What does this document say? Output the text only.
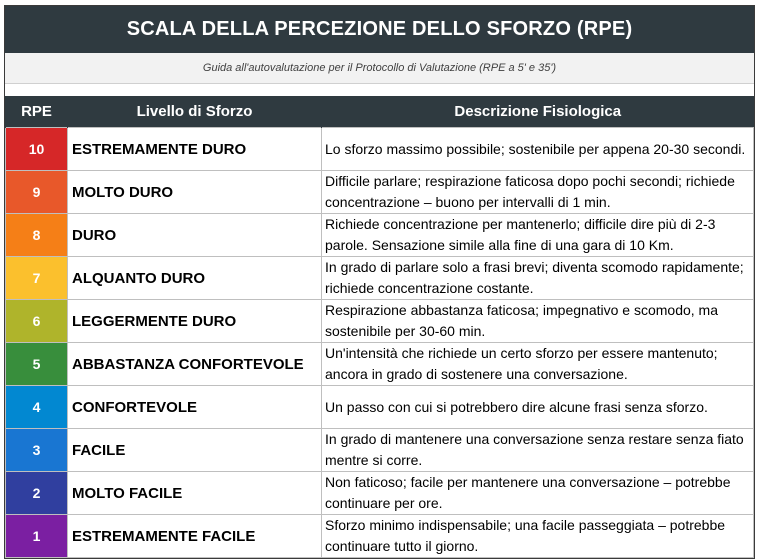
SCALA DELLA PERCEZIONE DELLO SFORZO (RPE)
Guida all'autovalutazione per il Protocollo di Valutazione (RPE a 5' e 35')
RPE	Livello di Sforzo	Descrizione Fisiologica
10	ESTREMAMENTE DURO	Lo sforzo massimo possibile; sostenibile per appena 20-30 secondi.
9	MOLTO DURO	Difficile parlare; respirazione faticosa dopo pochi secondi; richiede concentrazione – buono per intervalli di 1 min.
8	DURO	Richiede concentrazione per mantenerlo; difficile dire più di 2-3 parole. Sensazione simile alla fine di una gara di 10 Km.
7	ALQUANTO DURO	In grado di parlare solo a frasi brevi; diventa scomodo rapidamente; richiede concentrazione costante.
6	LEGGERMENTE DURO	Respirazione abbastanza faticosa; impegnativo e scomodo, ma sostenibile per 30-60 min.
5	ABBASTANZA CONFORTEVOLE	Un'intensità che richiede un certo sforzo per essere mantenuto; ancora in grado di sostenere una conversazione.
4	CONFORTEVOLE	Un passo con cui si potrebbero dire alcune frasi senza sforzo.
3	FACILE	In grado di mantenere una conversazione senza restare senza fiato mentre si corre.
2	MOLTO FACILE	Non faticoso; facile per mantenere una conversazione – potrebbe continuare per ore.
1	ESTREMAMENTE FACILE	Sforzo minimo indispensabile; una facile passeggiata – potrebbe continuare tutto il giorno.
